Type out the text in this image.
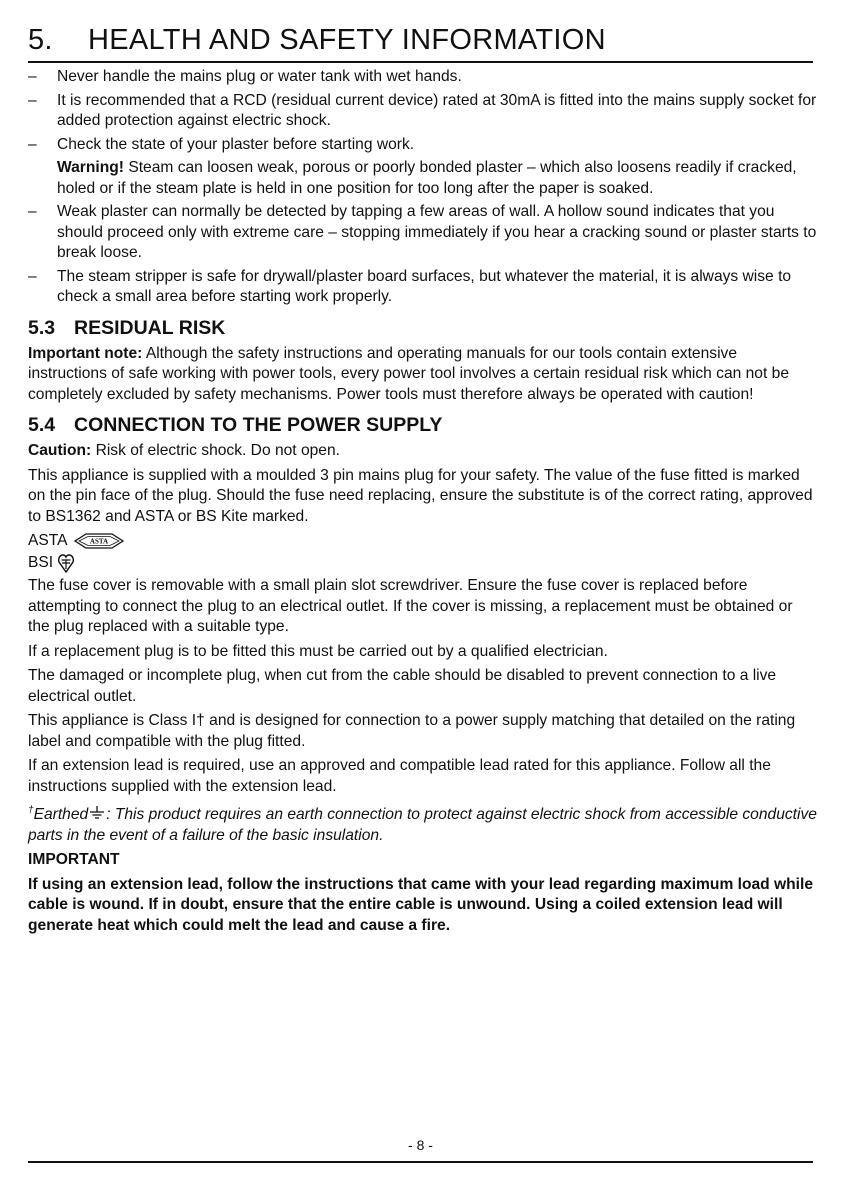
5. HEALTH AND SAFETY INFORMATION
– Never handle the mains plug or water tank with wet hands.
– It is recommended that a RCD (residual current device) rated at 30mA is fitted into the mains supply socket for added protection against electric shock.
– Check the state of your plaster before starting work.
Warning! Steam can loosen weak, porous or poorly bonded plaster – which also loosens readily if cracked, holed or if the steam plate is held in one position for too long after the paper is soaked.
– Weak plaster can normally be detected by tapping a few areas of wall. A hollow sound indicates that you should proceed only with extreme care – stopping immediately if you hear a cracking sound or plaster starts to break loose.
– The steam stripper is safe for drywall/plaster board surfaces, but whatever the material, it is always wise to check a small area before starting work properly.
5.3 RESIDUAL RISK
Important note: Although the safety instructions and operating manuals for our tools contain extensive instructions of safe working with power tools, every power tool involves a certain residual risk which can not be completely excluded by safety mechanisms. Power tools must therefore always be operated with caution!
5.4 CONNECTION TO THE POWER SUPPLY
Caution: Risk of electric shock. Do not open.
This appliance is supplied with a moulded 3 pin mains plug for your safety. The value of the fuse fitted is marked on the pin face of the plug. Should the fuse need replacing, ensure the substitute is of the correct rating, approved to BS1362 and ASTA or BS Kite marked.
ASTA	ASTA
BSI
The fuse cover is removable with a small plain slot screwdriver. Ensure the fuse cover is replaced before attempting to connect the plug to an electrical outlet. If the cover is missing, a replacement must be obtained or the plug replaced with a suitable type.
If a replacement plug is to be fitted this must be carried out by a qualified electrician.
The damaged or incomplete plug, when cut from the cable should be disabled to prevent connection to a live electrical outlet.
This appliance is Class I† and is designed for connection to a power supply matching that detailed on the rating label and compatible with the plug fitted.
If an extension lead is required, use an approved and compatible lead rated for this appliance. Follow all the instructions supplied with the extension lead.
†Earthed : This product requires an earth connection to protect against electric shock from accessible conductive parts in the event of a failure of the basic insulation.
IMPORTANT
If using an extension lead, follow the instructions that came with your lead regarding maximum load while cable is wound. If in doubt, ensure that the entire cable is unwound. Using a coiled extension lead will generate heat which could melt the lead and cause a fire.
- 8 -
